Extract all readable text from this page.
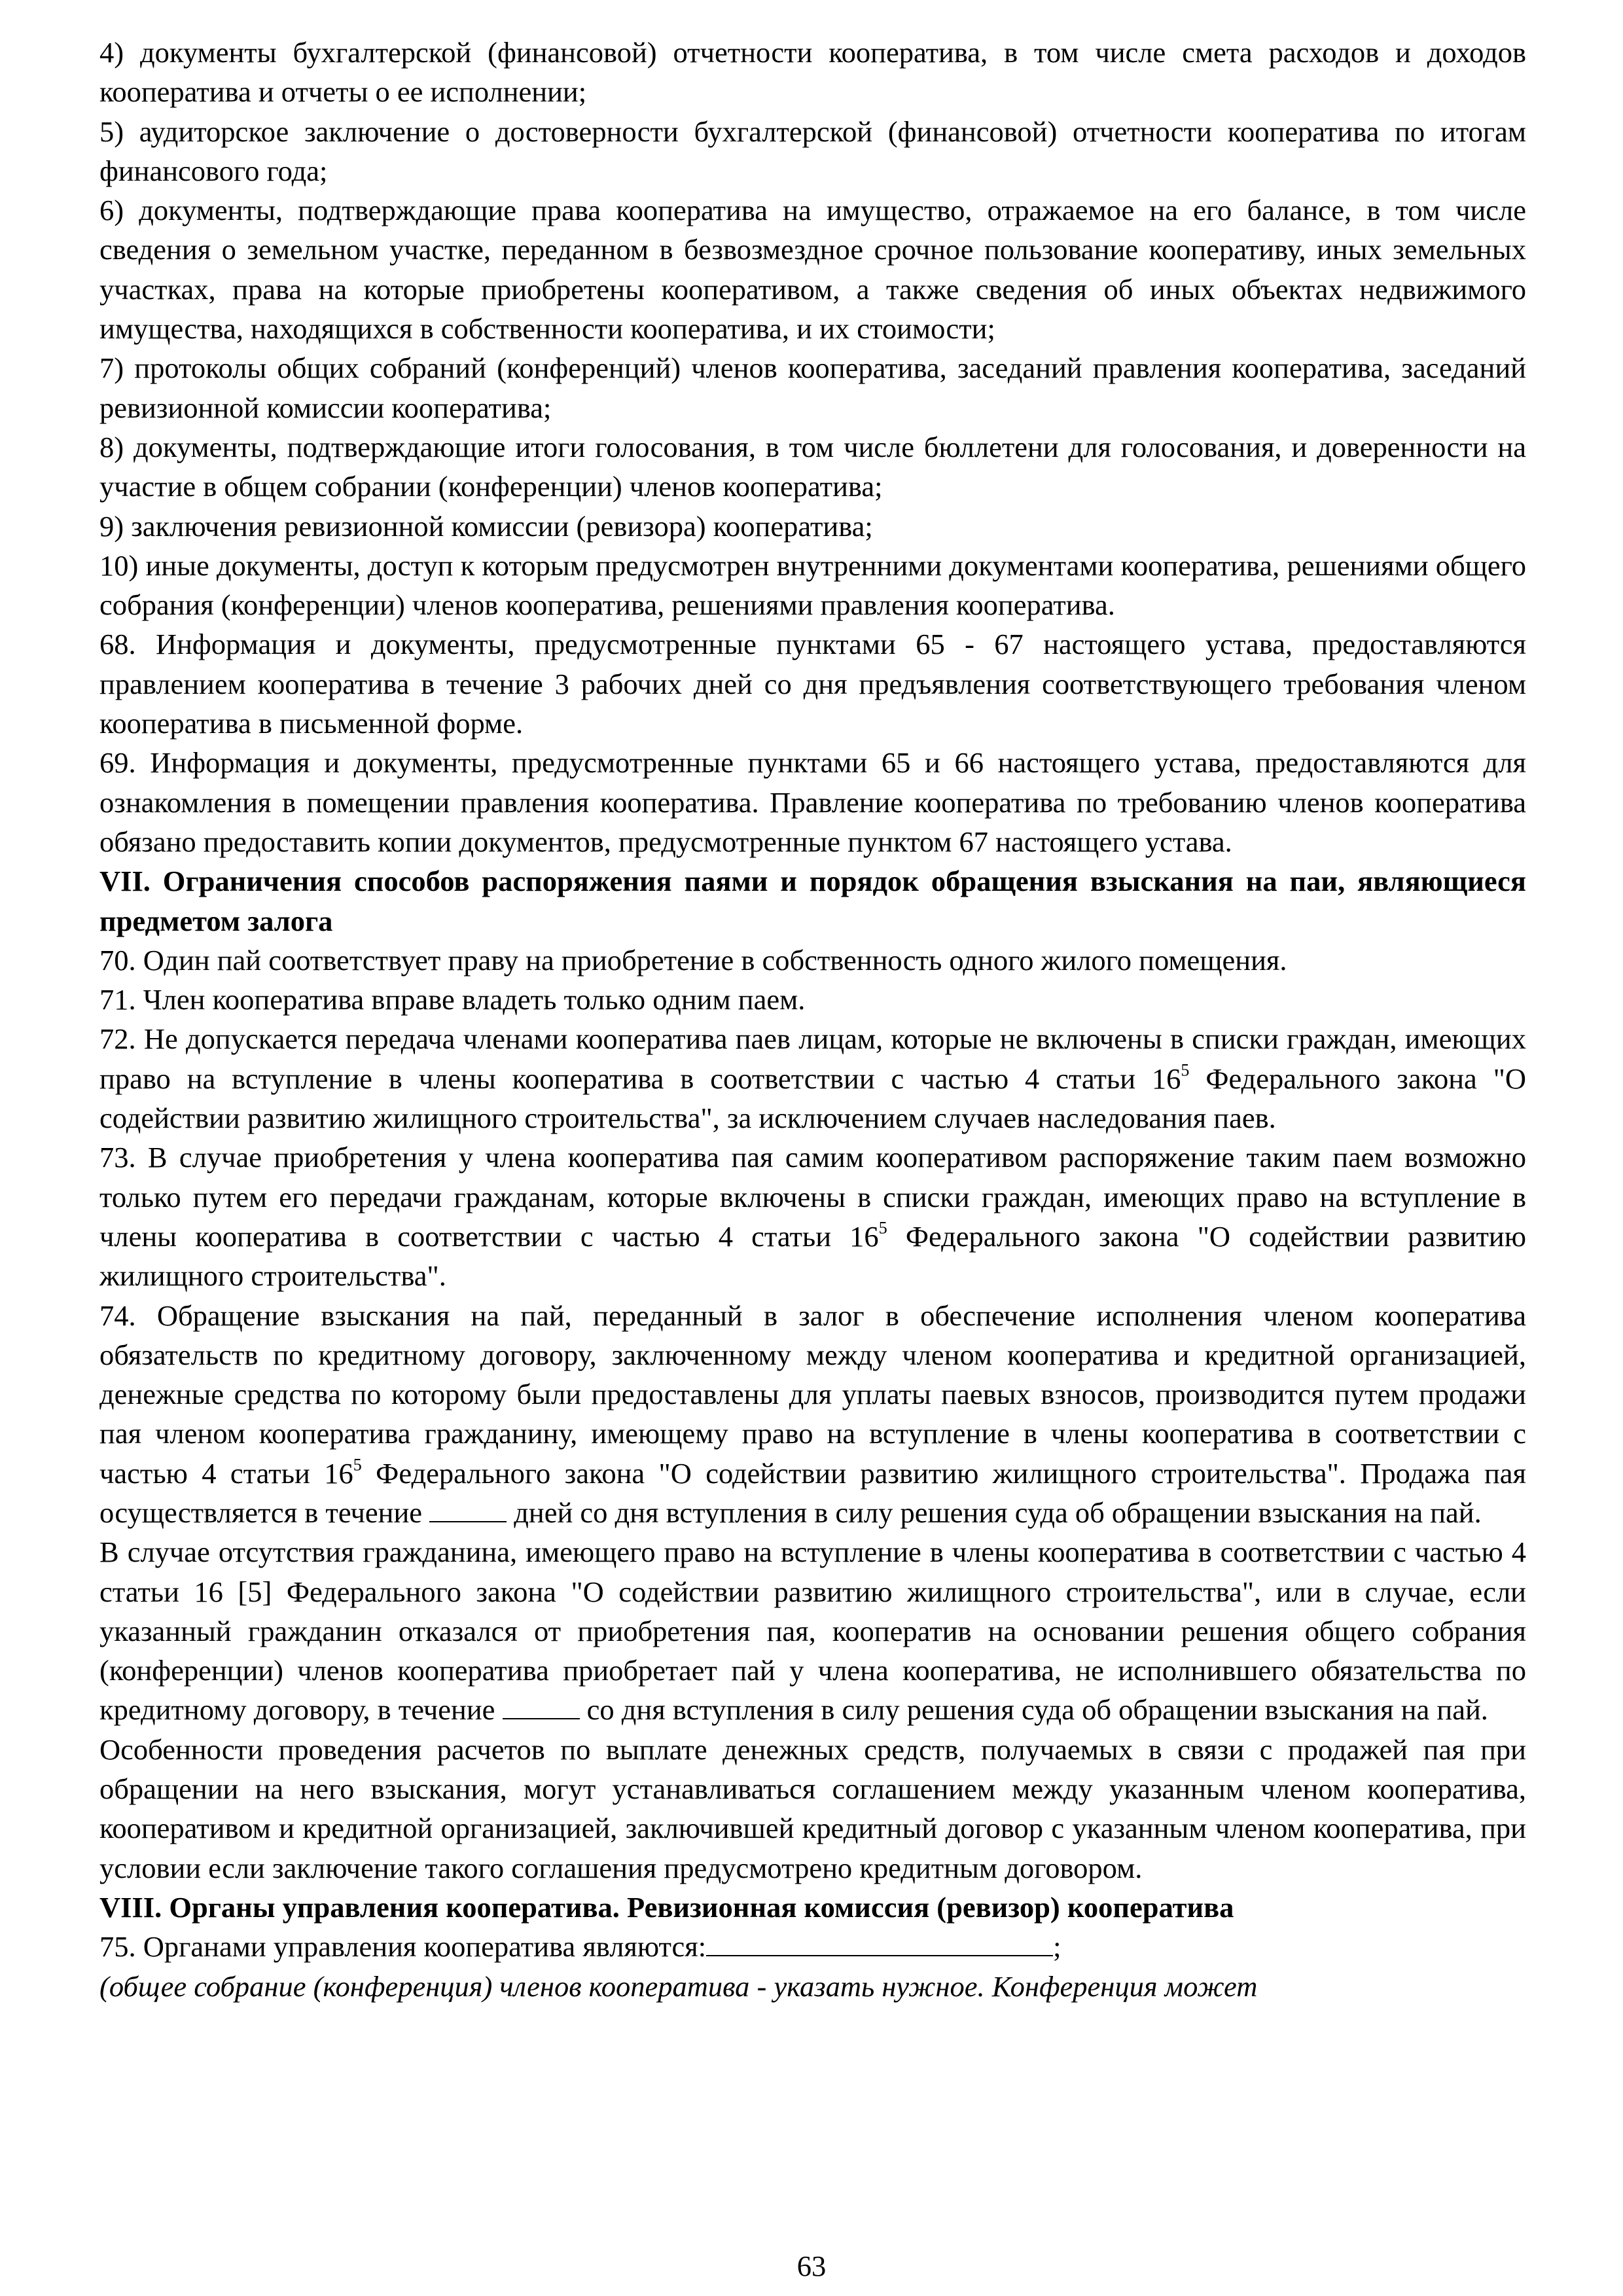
4) документы бухгалтерской (финансовой) отчетности кооператива, в том числе смета расходов и доходов кооператива и отчеты о ее исполнении;

5) аудиторское заключение о достоверности бухгалтерской (финансовой) отчетности кооператива по итогам финансового года;

6) документы, подтверждающие права кооператива на имущество, отражаемое на его балансе, в том числе сведения о земельном участке, переданном в безвозмездное срочное пользование кооперативу, иных земельных участках, права на которые приобретены кооперативом, а также сведения об иных объектах недвижимого имущества, находящихся в собственности кооператива, и их стоимости;

7) протоколы общих собраний (конференций) членов кооператива, заседаний правления кооператива, заседаний ревизионной комиссии кооператива;

8) документы, подтверждающие итоги голосования, в том числе бюллетени для голосования, и доверенности на участие в общем собрании (конференции) членов кооператива;

9) заключения ревизионной комиссии (ревизора) кооператива;

10) иные документы, доступ к которым предусмотрен внутренними документами кооператива, решениями общего собрания (конференции) членов кооператива, решениями правления кооператива.

68. Информация и документы, предусмотренные пунктами 65 - 67 настоящего устава, предоставляются правлением кооператива в течение 3 рабочих дней со дня предъявления соответствующего требования членом кооператива в письменной форме.

69. Информация и документы, предусмотренные пунктами 65 и 66 настоящего устава, предоставляются для ознакомления в помещении правления кооператива. Правление кооператива по требованию членов кооператива обязано предоставить копии документов, предусмотренные пунктом 67 настоящего устава.

VII. Ограничения способов распоряжения паями и порядок обращения взыскания на паи, являющиеся предметом залога

70. Один пай соответствует праву на приобретение в собственность одного жилого помещения.

71. Член кооператива вправе владеть только одним паем.

72. Не допускается передача членами кооператива паев лицам, которые не включены в списки граждан, имеющих право на вступление в члены кооператива в соответствии с частью 4 статьи $16^5$ Федерального закона "О содействии развитию жилищного строительства", за исключением случаев наследования паев.

73. В случае приобретения у члена кооператива пая самим кооперативом распоряжение таким паем возможно только путем его передачи гражданам, которые включены в списки граждан, имеющих право на вступление в члены кооператива в соответствии с частью 4 статьи $16^5$ Федерального закона "О содействии развитию жилищного строительства".

74. Обращение взыскания на пай, переданный в залог в обеспечение исполнения членом кооператива обязательств по кредитному договору, заключенному между членом кооператива и кредитной организацией, денежные средства по которому были предоставлены для уплаты паевых взносов, производится путем продажи пая членом кооператива гражданину, имеющему право на вступление в члены кооператива в соответствии с частью 4 статьи $16^5$ Федерального закона "О содействии развитию жилищного строительства". Продажа пая осуществляется в течение	дней со дня вступления в силу решения суда об обращении взыскания на пай.

В случае отсутствия гражданина, имеющего право на вступление в члены кооператива в соответствии с частью 4 статьи 16 [5] Федерального закона "О содействии развитию жилищного строительства", или в случае, если указанный гражданин отказался от приобретения пая, кооператив на основании решения общего собрания (конференции) членов кооператива приобретает пай у члена кооператива, не исполнившего обязательства по кредитному договору, в течение	со дня вступления в силу решения суда об обращении взыскания на пай.

Особенности проведения расчетов по выплате денежных средств, получаемых в связи с продажей пая при обращении на него взыскания, могут устанавливаться соглашением между указанным членом кооператива, кооперативом и кредитной организацией, заключившей кредитный договор с указанным членом кооператива, при условии если заключение такого соглашения предусмотрено кредитным договором.

VIII. Органы управления кооператива. Ревизионная комиссия (ревизор) кооператива

75. Органами управления кооператива являются:	;

(общее собрание (конференция) членов кооператива - указать нужное. Конференция может

63
